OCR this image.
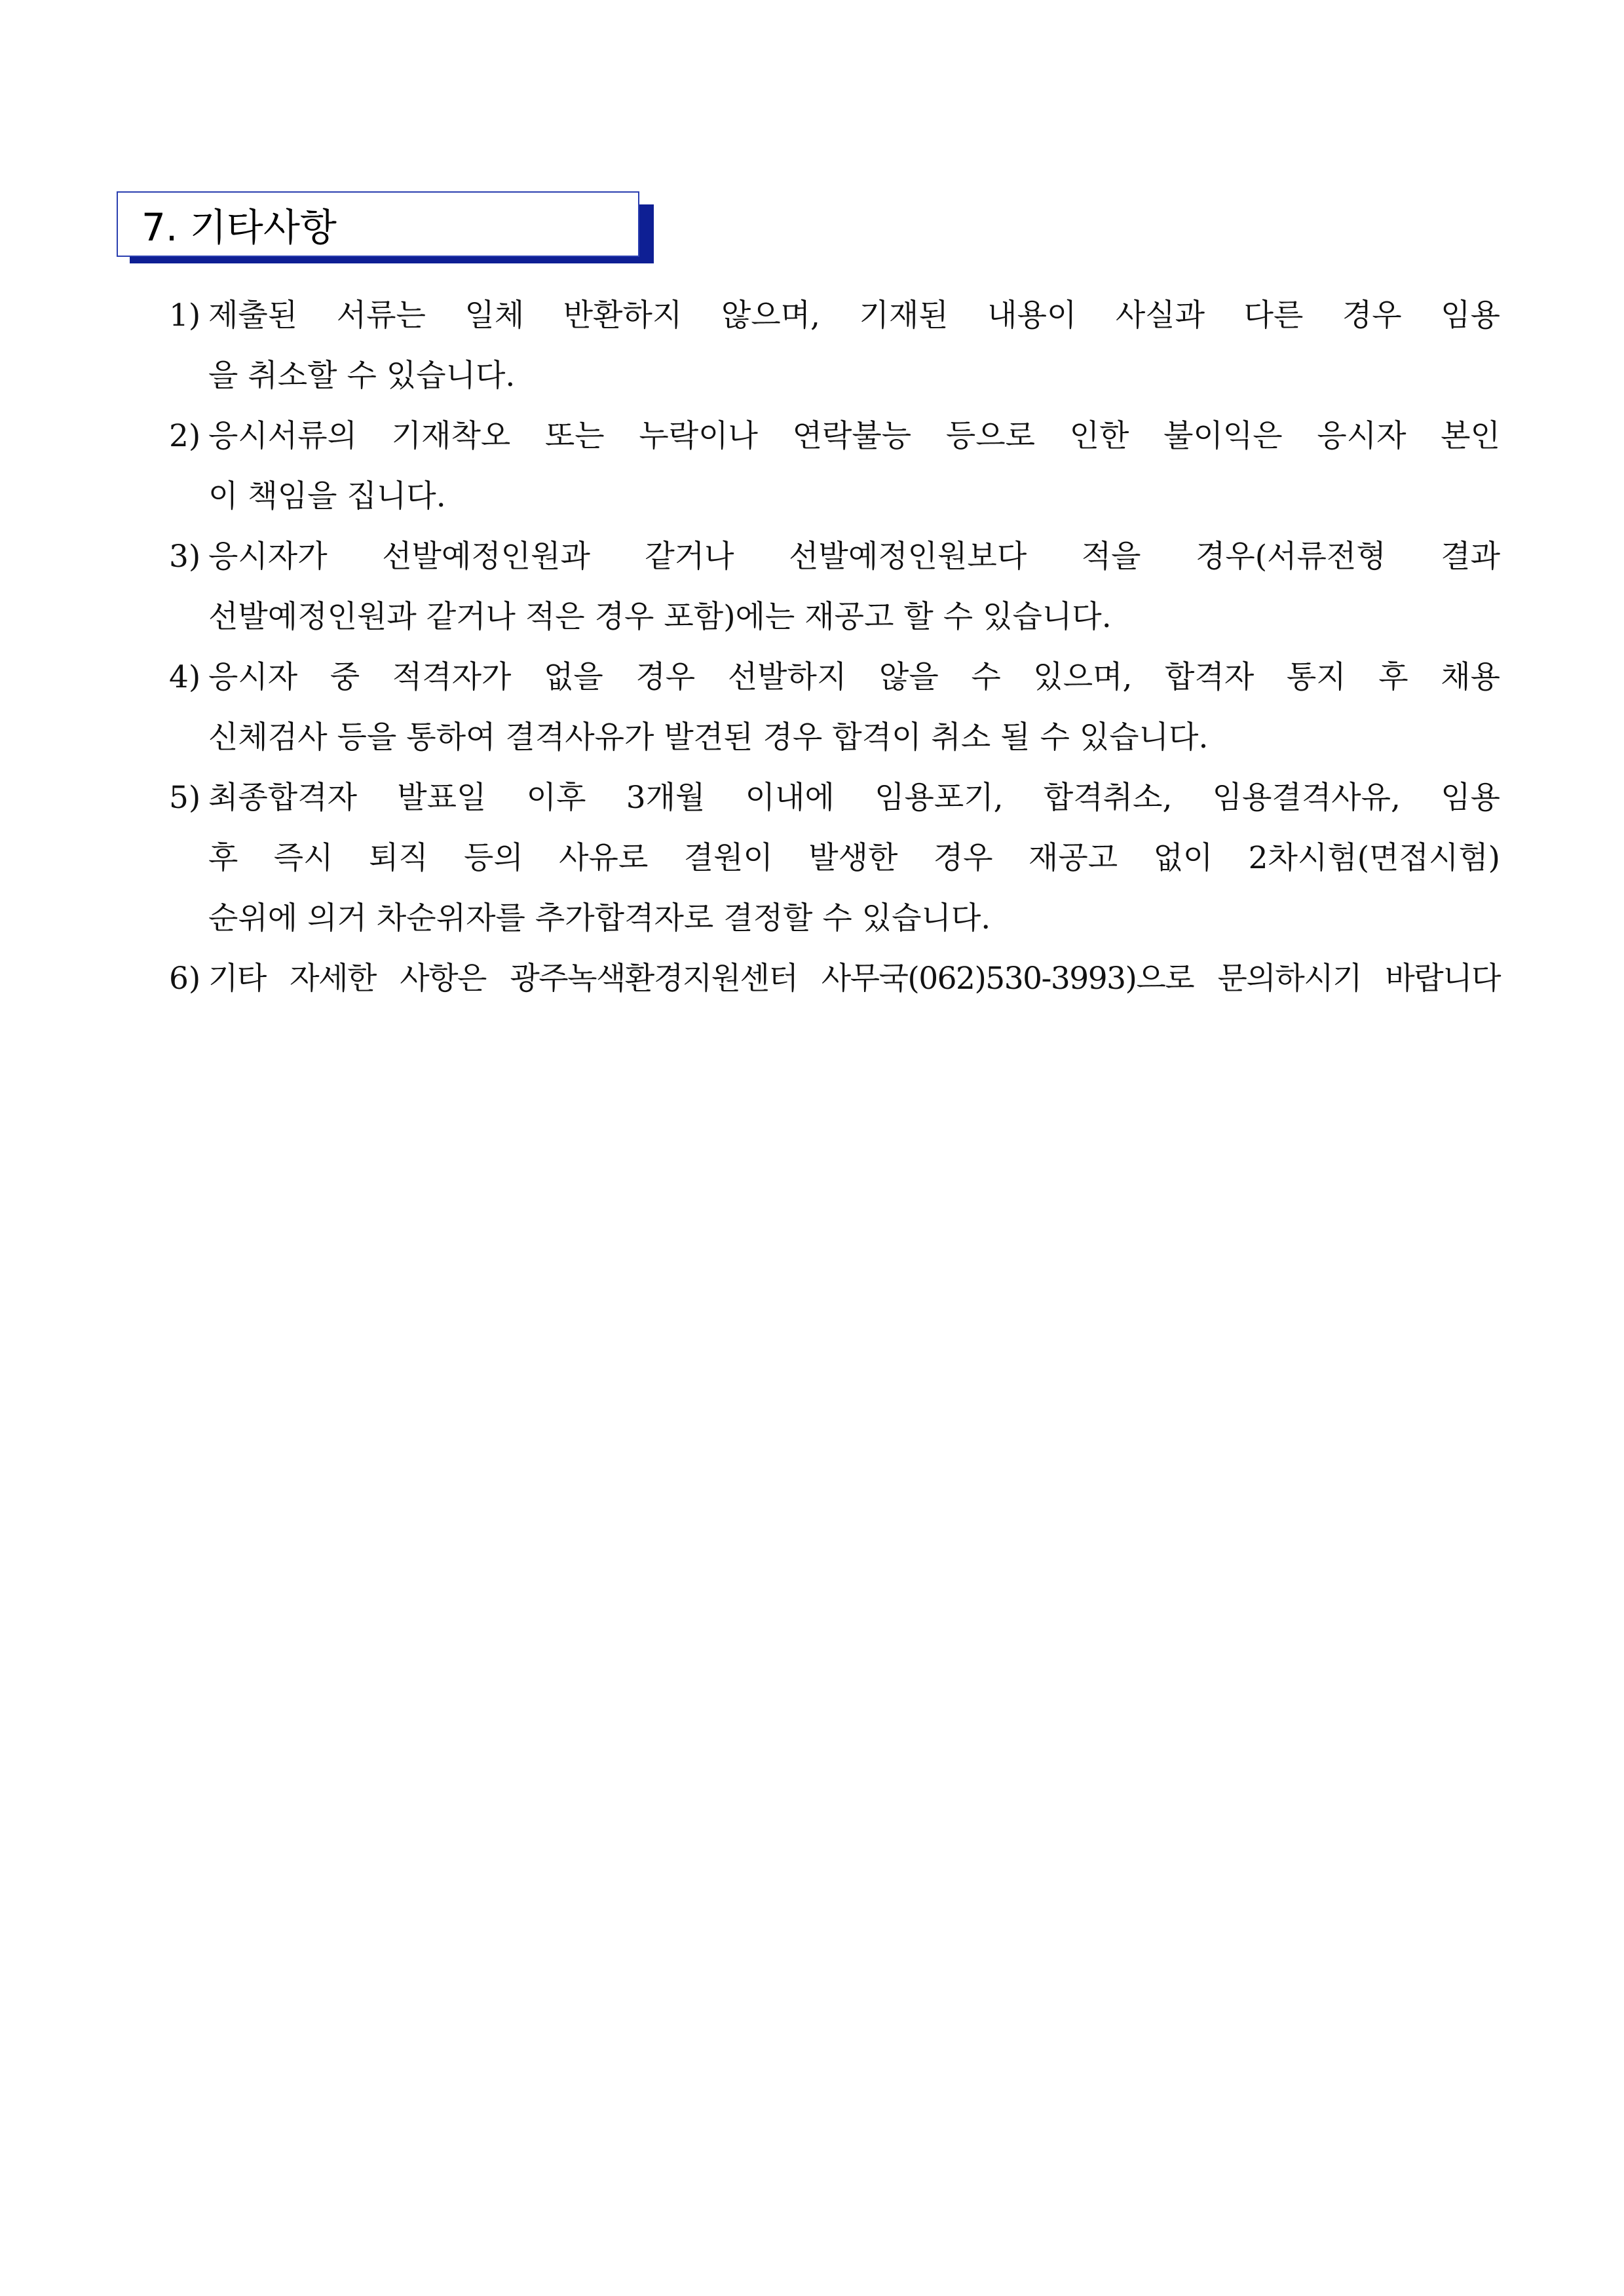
7. 기타사항
1) 제출된 서류는 일체 반환하지 않으며, 기재된 내용이 사실과 다른 경우 임용
을 취소할 수 있습니다.
2) 응시서류의 기재착오 또는 누락이나 연락불능 등으로 인한 불이익은 응시자 본인
이 책임을 집니다.
3) 응시자가 선발예정인원과 같거나 선발예정인원보다 적을 경우(서류전형 결과
선발예정인원과 같거나 적은 경우 포함)에는 재공고 할 수 있습니다.
4) 응시자 중 적격자가 없을 경우 선발하지 않을 수 있으며, 합격자 통지 후 채용
신체검사 등을 통하여 결격사유가 발견된 경우 합격이 취소 될 수 있습니다.
5) 최종합격자 발표일 이후 3개월 이내에 임용포기, 합격취소, 임용결격사유, 임용
후 즉시 퇴직 등의 사유로 결원이 발생한 경우 재공고 없이 2차시험(면접시험)
순위에 의거 차순위자를 추가합격자로 결정할 수 있습니다.
6) 기타 자세한 사항은 광주녹색환경지원센터 사무국(062)530-3993)으로 문의하시기 바랍니다
